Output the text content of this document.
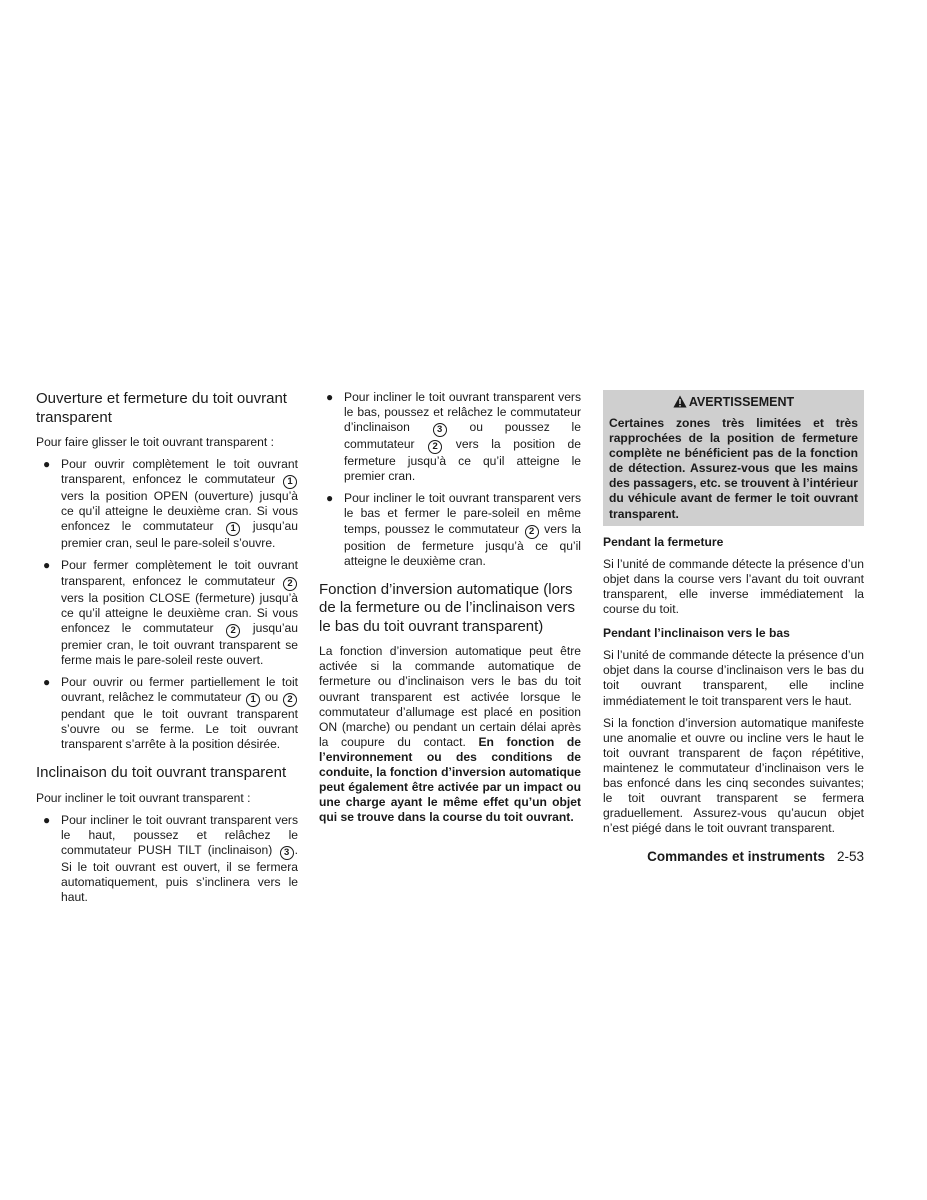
Ouverture et fermeture du toit ouvrant transparent

Pour faire glisser le toit ouvrant transparent :

● Pour ouvrir complètement le toit ouvrant transparent, enfoncez le commutateur 1 vers la position OPEN (ouverture) jusqu’à ce qu’il atteigne le deuxième cran. Si vous enfoncez le commutateur 1 jusqu’au premier cran, seul le pare-soleil s’ouvre.
● Pour fermer complètement le toit ouvrant transparent, enfoncez le commutateur 2 vers la position CLOSE (fermeture) jusqu’à ce qu’il atteigne le deuxième cran. Si vous enfoncez le commutateur 2 jusqu’au premier cran, le toit ouvrant transparent se ferme mais le pare-soleil reste ouvert.
● Pour ouvrir ou fermer partiellement le toit ouvrant, relâchez le commutateur 1 ou 2 pendant que le toit ouvrant transparent s’ouvre ou se ferme. Le toit ouvrant transparent s’arrête à la position désirée.
Inclinaison du toit ouvrant transparent

Pour incliner le toit ouvrant transparent :

● Pour incliner le toit ouvrant transparent vers le haut, poussez et relâchez le commutateur PUSH TILT (inclinaison) 3 . Si le toit ouvrant est ouvert, il se fermera automatiquement, puis s’inclinera vers le haut.
● Pour incliner le toit ouvrant transparent vers le bas, poussez et relâchez le commutateur d’inclinaison	3 ou poussez le commutateur 2 vers la position de fermeture jusqu’à ce qu’il atteigne le premier cran.
● Pour incliner le toit ouvrant transparent vers le bas et fermer le pare-soleil en même temps, poussez le commutateur 2 vers la position de fermeture jusqu’à ce qu’il atteigne le deuxième cran.
Fonction d’inversion automatique (lors de la fermeture ou de l’inclinaison vers le bas du toit ouvrant transparent)

La fonction d’inversion automatique peut être activée si la commande automatique de fermeture ou d’inclinaison vers le bas du toit ouvrant transparent est activée lorsque le commutateur d’allumage est placé en position ON (marche) ou pendant un certain délai après la coupure du contact. En fonction de l’environnement ou des conditions de conduite, la fonction d’inversion automatique peut également être activée par un impact ou une charge ayant le même effet qu’un objet qui se trouve dans la course du toit ouvrant.

AVERTISSEMENT
Certaines zones très limitées et très rapprochées de la position de fermeture complète ne bénéficient pas de la fonction de détection. Assurez-vous que les mains des passagers, etc. se trouvent à l’intérieur du véhicule avant de fermer le toit ouvrant transparent.
Pendant la fermeture

Si l’unité de commande détecte la présence d’un objet dans la course vers l’avant du toit ouvrant transparent, elle inverse immédiatement la course du toit.

Pendant l’inclinaison vers le bas

Si l’unité de commande détecte la présence d’un objet dans la course d’inclinaison vers le bas du toit ouvrant transparent, elle incline immédiatement le toit transparent vers le haut.

Si la fonction d’inversion automatique manifeste une anomalie et ouvre ou incline vers le haut le toit ouvrant transparent de façon répétitive, maintenez le commutateur d’inclinaison vers le bas enfoncé dans les cinq secondes suivantes; le toit ouvrant transparent se fermera graduellement. Assurez-vous qu’aucun objet n’est piégé dans le toit ouvrant transparent.

Commandes et instruments 2-53
